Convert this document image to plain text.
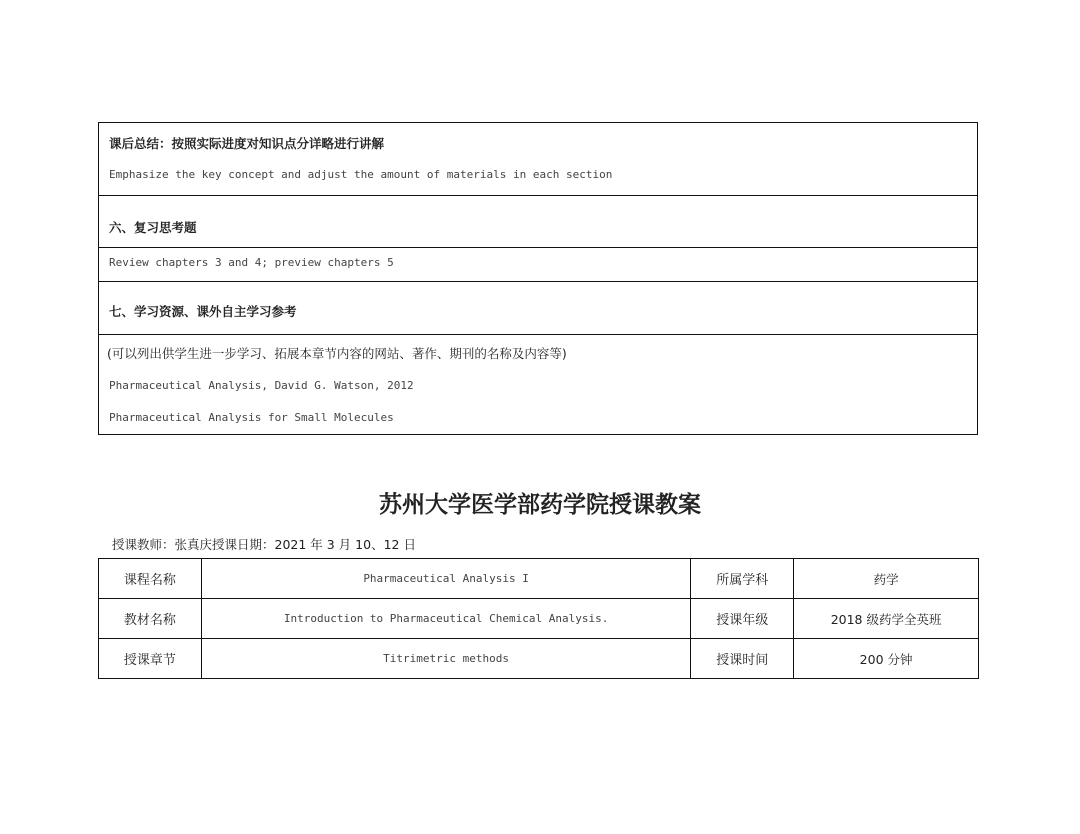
课后总结：按照实际进度对知识点分详略进行讲解
Emphasize the key concept and adjust the amount of materials in each section
六、复习思考题
Review chapters 3 and 4; preview chapters 5
七、学习资源、课外自主学习参考
(可以列出供学生进一步学习、拓展本章节内容的网站、著作、期刊的名称及内容等)
Pharmaceutical Analysis, David G. Watson, 2012
Pharmaceutical Analysis for Small Molecules
苏州大学医学部药学院授课教案
授课教师：张真庆授课日期：2021 年 3 月 10、12 日
课程名称	Pharmaceutical Analysis I	所属学科	药学
教材名称	Introduction to Pharmaceutical Chemical Analysis.	授课年级	2018 级药学全英班
授课章节	Titrimetric methods	授课时间	200 分钟
